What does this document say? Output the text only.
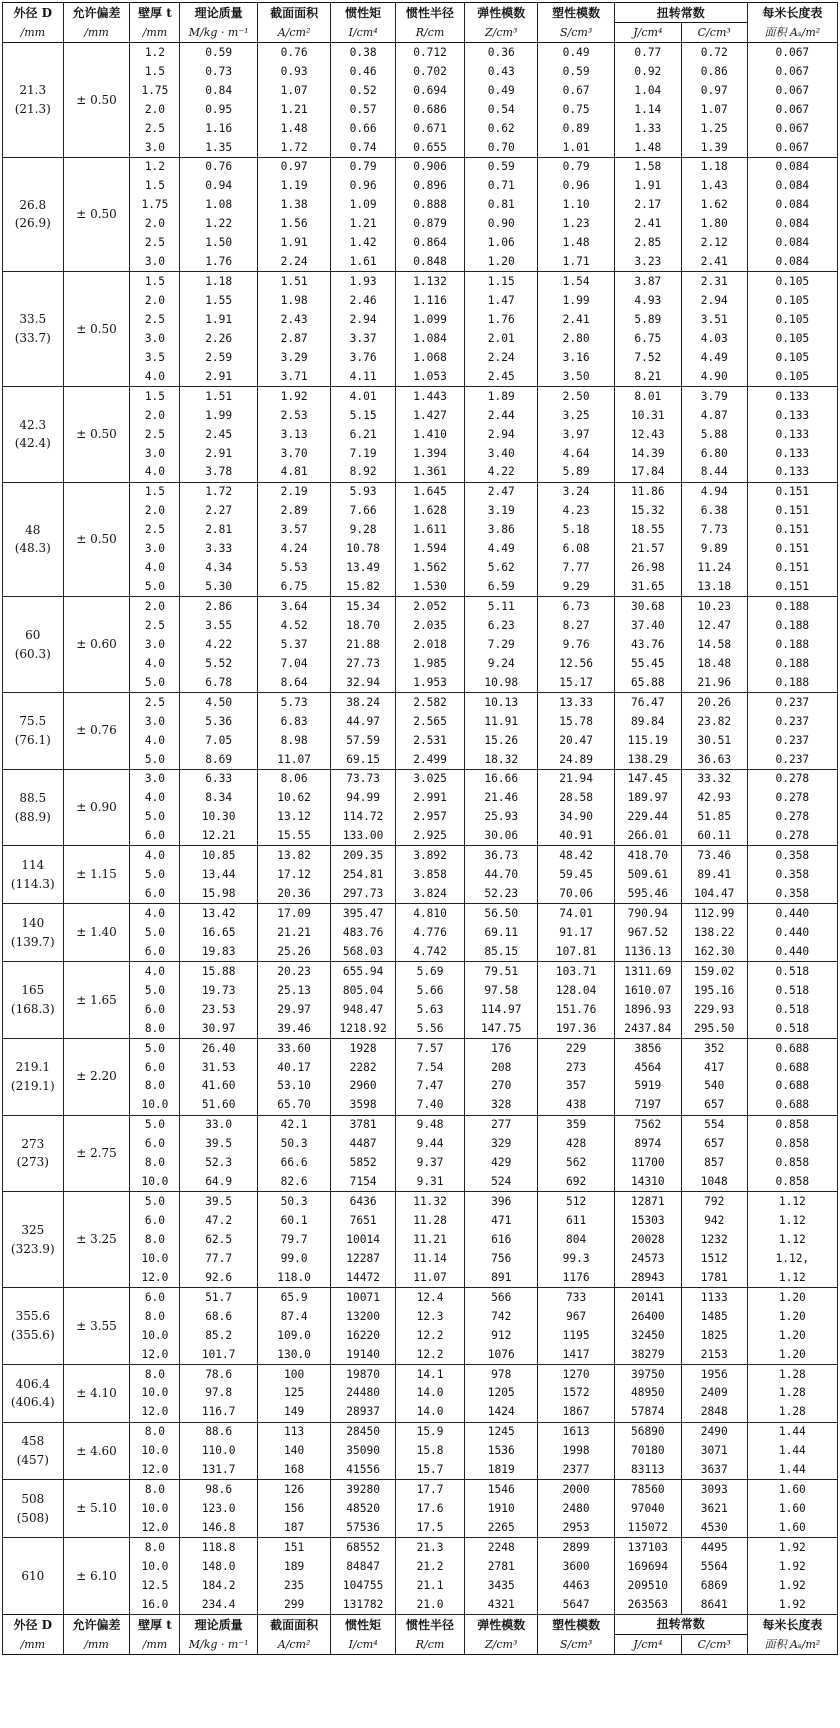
外径 D	允许偏差	壁厚 t	理论质量	截面面积	惯性矩	惯性半径	弹性模数	塑性模数	扭转常数		每米长度表
/mm	/mm	/mm	M/kg · m⁻¹	A/cm²	I/cm⁴	R/cm	Z/cm³	S/cm³	J/cm⁴	C/cm³	面积 Aₛ/m²

21.3
(21.3)	± 0.50	1.2	0.59	0.76	0.38	0.712	0.36	0.49	0.77	0.72	0.067
		1.5	0.73	0.93	0.46	0.702	0.43	0.59	0.92	0.86	0.067
		1.75	0.84	1.07	0.52	0.694	0.49	0.67	1.04	0.97	0.067
		2.0	0.95	1.21	0.57	0.686	0.54	0.75	1.14	1.07	0.067
		2.5	1.16	1.48	0.66	0.671	0.62	0.89	1.33	1.25	0.067
		3.0	1.35	1.72	0.74	0.655	0.70	1.01	1.48	1.39	0.067

26.8
(26.9)	± 0.50	1.2	0.76	0.97	0.79	0.906	0.59	0.79	1.58	1.18	0.084
		1.5	0.94	1.19	0.96	0.896	0.71	0.96	1.91	1.43	0.084
		1.75	1.08	1.38	1.09	0.888	0.81	1.10	2.17	1.62	0.084
		2.0	1.22	1.56	1.21	0.879	0.90	1.23	2.41	1.80	0.084
		2.5	1.50	1.91	1.42	0.864	1.06	1.48	2.85	2.12	0.084
		3.0	1.76	2.24	1.61	0.848	1.20	1.71	3.23	2.41	0.084

33.5
(33.7)	± 0.50	1.5	1.18	1.51	1.93	1.132	1.15	1.54	3.87	2.31	0.105
		2.0	1.55	1.98	2.46	1.116	1.47	1.99	4.93	2.94	0.105
		2.5	1.91	2.43	2.94	1.099	1.76	2.41	5.89	3.51	0.105
		3.0	2.26	2.87	3.37	1.084	2.01	2.80	6.75	4.03	0.105
		3.5	2.59	3.29	3.76	1.068	2.24	3.16	7.52	4.49	0.105
		4.0	2.91	3.71	4.11	1.053	2.45	3.50	8.21	4.90	0.105

42.3
(42.4)	± 0.50	1.5	1.51	1.92	4.01	1.443	1.89	2.50	8.01	3.79	0.133
		2.0	1.99	2.53	5.15	1.427	2.44	3.25	10.31	4.87	0.133
		2.5	2.45	3.13	6.21	1.410	2.94	3.97	12.43	5.88	0.133
		3.0	2.91	3.70	7.19	1.394	3.40	4.64	14.39	6.80	0.133
		4.0	3.78	4.81	8.92	1.361	4.22	5.89	17.84	8.44	0.133

48
(48.3)	± 0.50	1.5	1.72	2.19	5.93	1.645	2.47	3.24	11.86	4.94	0.151
		2.0	2.27	2.89	7.66	1.628	3.19	4.23	15.32	6.38	0.151
		2.5	2.81	3.57	9.28	1.611	3.86	5.18	18.55	7.73	0.151
		3.0	3.33	4.24	10.78	1.594	4.49	6.08	21.57	9.89	0.151
		4.0	4.34	5.53	13.49	1.562	5.62	7.77	26.98	11.24	0.151
		5.0	5.30	6.75	15.82	1.530	6.59	9.29	31.65	13.18	0.151

60
(60.3)	± 0.60	2.0	2.86	3.64	15.34	2.052	5.11	6.73	30.68	10.23	0.188
		2.5	3.55	4.52	18.70	2.035	6.23	8.27	37.40	12.47	0.188
		3.0	4.22	5.37	21.88	2.018	7.29	9.76	43.76	14.58	0.188
		4.0	5.52	7.04	27.73	1.985	9.24	12.56	55.45	18.48	0.188
		5.0	6.78	8.64	32.94	1.953	10.98	15.17	65.88	21.96	0.188

75.5
(76.1)	± 0.76	2.5	4.50	5.73	38.24	2.582	10.13	13.33	76.47	20.26	0.237
		3.0	5.36	6.83	44.97	2.565	11.91	15.78	89.84	23.82	0.237
		4.0	7.05	8.98	57.59	2.531	15.26	20.47	115.19	30.51	0.237
		5.0	8.69	11.07	69.15	2.499	18.32	24.89	138.29	36.63	0.237

88.5
(88.9)	± 0.90	3.0	6.33	8.06	73.73	3.025	16.66	21.94	147.45	33.32	0.278
		4.0	8.34	10.62	94.99	2.991	21.46	28.58	189.97	42.93	0.278
		5.0	10.30	13.12	114.72	2.957	25.93	34.90	229.44	51.85	0.278
		6.0	12.21	15.55	133.00	2.925	30.06	40.91	266.01	60.11	0.278

114
(114.3)	± 1.15	4.0	10.85	13.82	209.35	3.892	36.73	48.42	418.70	73.46	0.358
		5.0	13.44	17.12	254.81	3.858	44.70	59.45	509.61	89.41	0.358
		6.0	15.98	20.36	297.73	3.824	52.23	70.06	595.46	104.47	0.358

140
(139.7)	± 1.40	4.0	13.42	17.09	395.47	4.810	56.50	74.01	790.94	112.99	0.440
		5.0	16.65	21.21	483.76	4.776	69.11	91.17	967.52	138.22	0.440
		6.0	19.83	25.26	568.03	4.742	85.15	107.81	1136.13	162.30	0.440

165
(168.3)	± 1.65	4.0	15.88	20.23	655.94	5.69	79.51	103.71	1311.69	159.02	0.518
		5.0	19.73	25.13	805.04	5.66	97.58	128.04	1610.07	195.16	0.518
		6.0	23.53	29.97	948.47	5.63	114.97	151.76	1896.93	229.93	0.518
		8.0	30.97	39.46	1218.92	5.56	147.75	197.36	2437.84	295.50	0.518

219.1
(219.1)	± 2.20	5.0	26.40	33.60	1928	7.57	176	229	3856	352	0.688
		6.0	31.53	40.17	2282	7.54	208	273	4564	417	0.688
		8.0	41.60	53.10	2960	7.47	270	357	5919	540	0.688
		10.0	51.60	65.70	3598	7.40	328	438	7197	657	0.688

273
(273)	± 2.75	5.0	33.0	42.1	3781	9.48	277	359	7562	554	0.858
		6.0	39.5	50.3	4487	9.44	329	428	8974	657	0.858
		8.0	52.3	66.6	5852	9.37	429	562	11700	857	0.858
		10.0	64.9	82.6	7154	9.31	524	692	14310	1048	0.858

325
(323.9)	± 3.25	5.0	39.5	50.3	6436	11.32	396	512	12871	792	1.12
		6.0	47.2	60.1	7651	11.28	471	611	15303	942	1.12
		8.0	62.5	79.7	10014	11.21	616	804	20028	1232	1.12
		10.0	77.7	99.0	12287	11.14	756	99.3	24573	1512	1.12,
		12.0	92.6	118.0	14472	11.07	891	1176	28943	1781	1.12

355.6
(355.6)	± 3.55	6.0	51.7	65.9	10071	12.4	566	733	20141	1133	1.20
		8.0	68.6	87.4	13200	12.3	742	967	26400	1485	1.20
		10.0	85.2	109.0	16220	12.2	912	1195	32450	1825	1.20
		12.0	101.7	130.0	19140	12.2	1076	1417	38279	2153	1.20

406.4
(406.4)	± 4.10	8.0	78.6	100	19870	14.1	978	1270	39750	1956	1.28
		10.0	97.8	125	24480	14.0	1205	1572	48950	2409	1.28
		12.0	116.7	149	28937	14.0	1424	1867	57874	2848	1.28

458
(457)	± 4.60	8.0	88.6	113	28450	15.9	1245	1613	56890	2490	1.44
		10.0	110.0	140	35090	15.8	1536	1998	70180	3071	1.44
		12.0	131.7	168	41556	15.7	1819	2377	83113	3637	1.44

508
(508)	± 5.10	8.0	98.6	126	39280	17.7	1546	2000	78560	3093	1.60
		10.0	123.0	156	48520	17.6	1910	2480	97040	3621	1.60
		12.0	146.8	187	57536	17.5	2265	2953	115072	4530	1.60

610	± 6.10	8.0	118.8	151	68552	21.3	2248	2899	137103	4495	1.92
		10.0	148.0	189	84847	21.2	2781	3600	169694	5564	1.92
		12.5	184.2	235	104755	21.1	3435	4463	209510	6869	1.92
		16.0	234.4	299	131782	21.0	4321	5647	263563	8641	1.92
外径 D	允许偏差	壁厚 t	理论质量	截面面积	惯性矩	惯性半径	弹性模数	塑性模数	扭转常数		每米长度表
/mm	/mm	/mm	M/kg · m⁻¹	A/cm²	I/cm⁴	R/cm	Z/cm³	S/cm³	J/cm⁴	C/cm³	面积 Aₛ/m²
